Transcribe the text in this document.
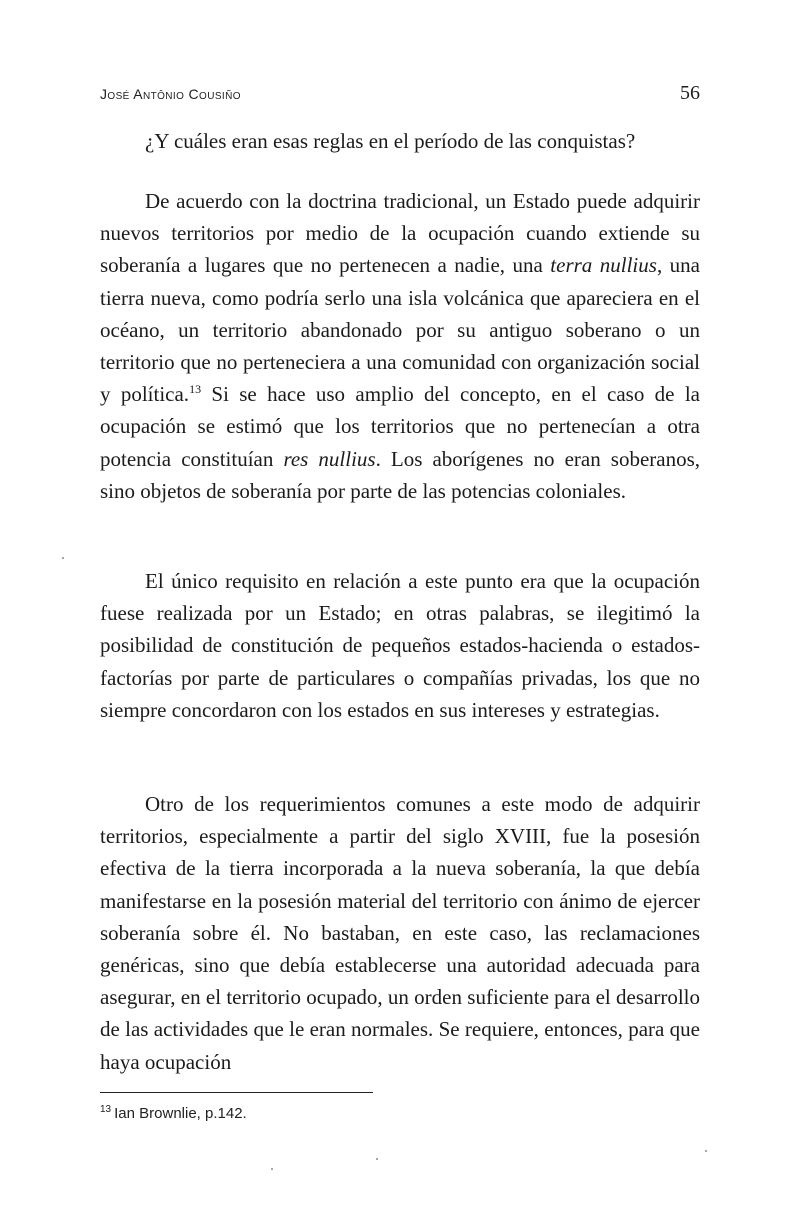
José Antônio Cousiño	56
¿Y cuáles eran esas reglas en el período de las conquistas?

De acuerdo con la doctrina tradicional, un Estado puede adquirir nuevos territorios por medio de la ocupación cuando extiende su soberanía a lugares que no pertenecen a nadie, una terra nullius, una tierra nueva, como podría serlo una isla volcánica que apareciera en el océano, un territorio abandonado por su antiguo soberano o un territorio que no perteneciera a una comunidad con organización social y política.$^{13}$ Si se hace uso amplio del concepto, en el caso de la ocupación se estimó que los territorios que no pertenecían a otra potencia constituían res nullius. Los aborígenes no eran soberanos, sino objetos de soberanía por parte de las potencias coloniales.

El único requisito en relación a este punto era que la ocupación fuese realizada por un Estado; en otras palabras, se ilegitimó la posibilidad de constitución de pequeños estados-hacienda o estados-factorías por parte de particulares o compañías privadas, los que no siempre concordaron con los estados en sus intereses y estrategias.

Otro de los requerimientos comunes a este modo de adquirir territorios, especialmente a partir del siglo XVIII, fue la posesión efectiva de la tierra incorporada a la nueva soberanía, la que debía manifestarse en la posesión material del territorio con ánimo de ejercer soberanía sobre él. No bastaban, en este caso, las reclamaciones genéricas, sino que debía establecerse una autoridad adecuada para asegurar, en el territorio ocupado, un orden suficiente para el desarrollo de las actividades que le eran normales. Se requiere, entonces, para que haya ocupación

$^{13}$ Ian Brownlie, p.142.
